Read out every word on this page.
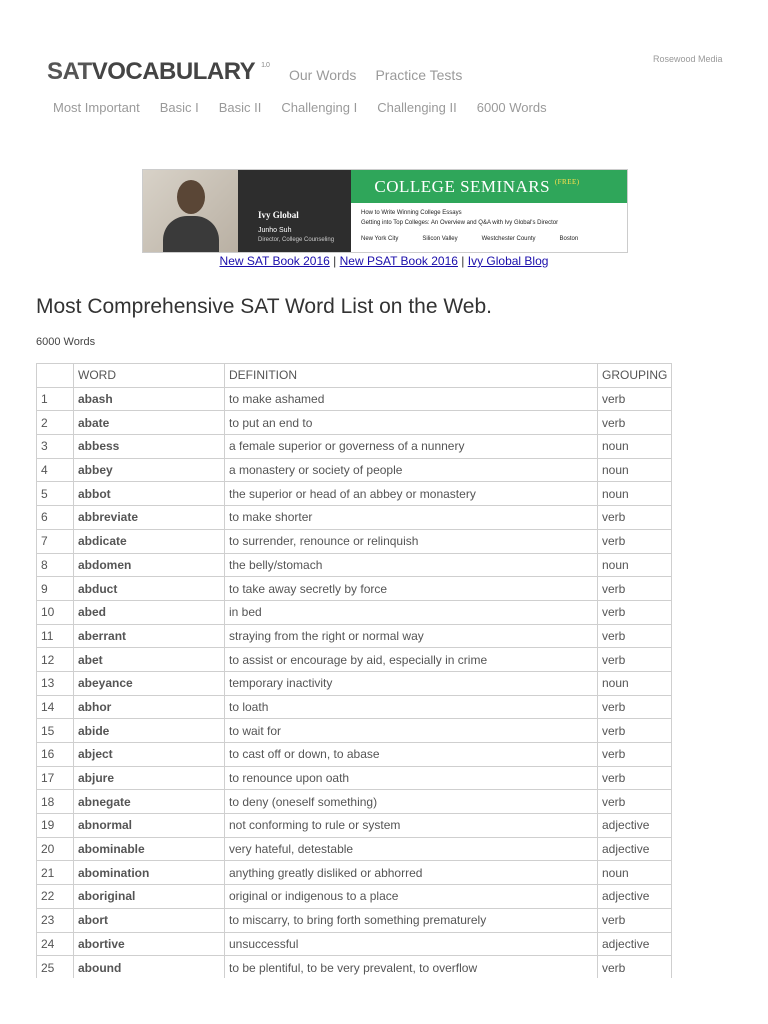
Rosewood Media
SATVOCABULARY $^{1.0}$
Our Words Practice Tests
Most Important Basic I Basic II Challenging I Challenging II 6000 Words
Ivy Global
Junho Suh
Director, College Counseling
COLLEGE SEMINARS $^{(FREE)}$
How to Write Winning College Essays
Getting into Top Colleges: An Overview and Q&A with Ivy Global's Director
New York City	Silicon Valley	Westchester County	Boston
New SAT Book 2016 | New PSAT Book 2016 | Ivy Global Blog
Most Comprehensive SAT Word List on the Web.
6000 Words
	WORD	DEFINITION	GROUPING
1	abash	to make ashamed	verb
2	abate	to put an end to	verb
3	abbess	a female superior or governess of a nunnery	noun
4	abbey	a monastery or society of people	noun
5	abbot	the superior or head of an abbey or monastery	noun
6	abbreviate	to make shorter	verb
7	abdicate	to surrender, renounce or relinquish	verb
8	abdomen	the belly/stomach	noun
9	abduct	to take away secretly by force	verb
10	abed	in bed	verb
11	aberrant	straying from the right or normal way	verb
12	abet	to assist or encourage by aid, especially in crime	verb
13	abeyance	temporary inactivity	noun
14	abhor	to loath	verb
15	abide	to wait for	verb
16	abject	to cast off or down, to abase	verb
17	abjure	to renounce upon oath	verb
18	abnegate	to deny (oneself something)	verb
19	abnormal	not conforming to rule or system	adjective
20	abominable	very hateful, detestable	adjective
21	abomination	anything greatly disliked or abhorred	noun
22	aboriginal	original or indigenous to a place	adjective
23	abort	to miscarry, to bring forth something prematurely	verb
24	abortive	unsuccessful	adjective
25	abound	to be plentiful, to be very prevalent, to overflow	verb
